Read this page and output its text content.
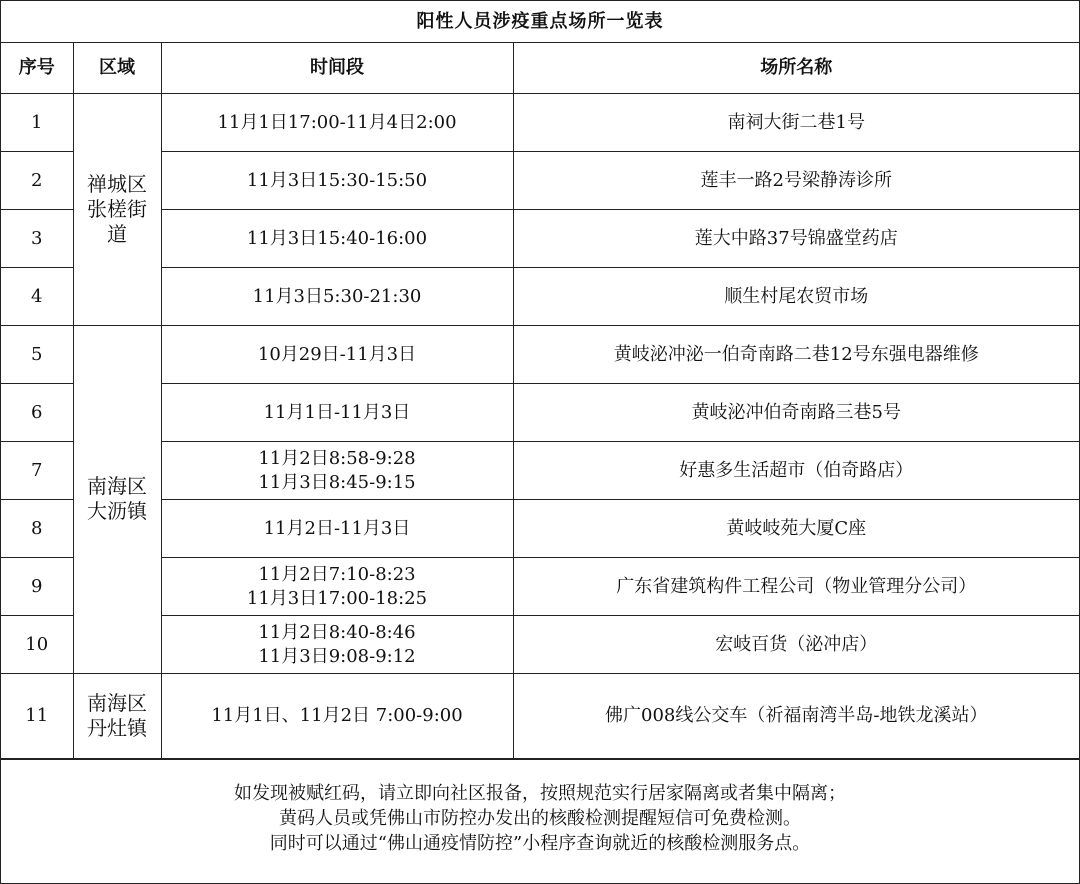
阳性人员涉疫重点场所一览表			
序号	区域	时间段	场所名称
1	禅城区张槎街道	11月1日17:00-11月4日2:00	南祠大街二巷1号
2		11月3日15:30-15:50	莲丰一路2号梁静涛诊所
3		11月3日15:40-16:00	莲大中路37号锦盛堂药店
4		11月3日5:30-21:30	顺生村尾农贸市场
5	南海区大沥镇	10月29日-11月3日	黄岐泌冲泌一伯奇南路二巷12号东强电器维修
6		11月1日-11月3日	黄岐泌冲伯奇南路三巷5号
7		11月2日8:58-9:28
11月3日8:45-9:15	好惠多生活超市（伯奇路店）
8		11月2日-11月3日	黄岐岐苑大厦C座
9		11月2日7:10-8:23
11月3日17:00-18:25	广东省建筑构件工程公司（物业管理分公司）
10		11月2日8:40-8:46
11月3日9:08-9:12	宏岐百货（泌冲店）
11	南海区丹灶镇	11月1日、11月2日 7:00-9:00	佛广008线公交车（祈福南湾半岛-地铁龙溪站）
如发现被赋红码，请立即向社区报备，按照规范实行居家隔离或者集中隔离；
黄码人员或凭佛山市防控办发出的核酸检测提醒短信可免费检测。
同时可以通过“佛山通疫情防控”小程序查询就近的核酸检测服务点。
